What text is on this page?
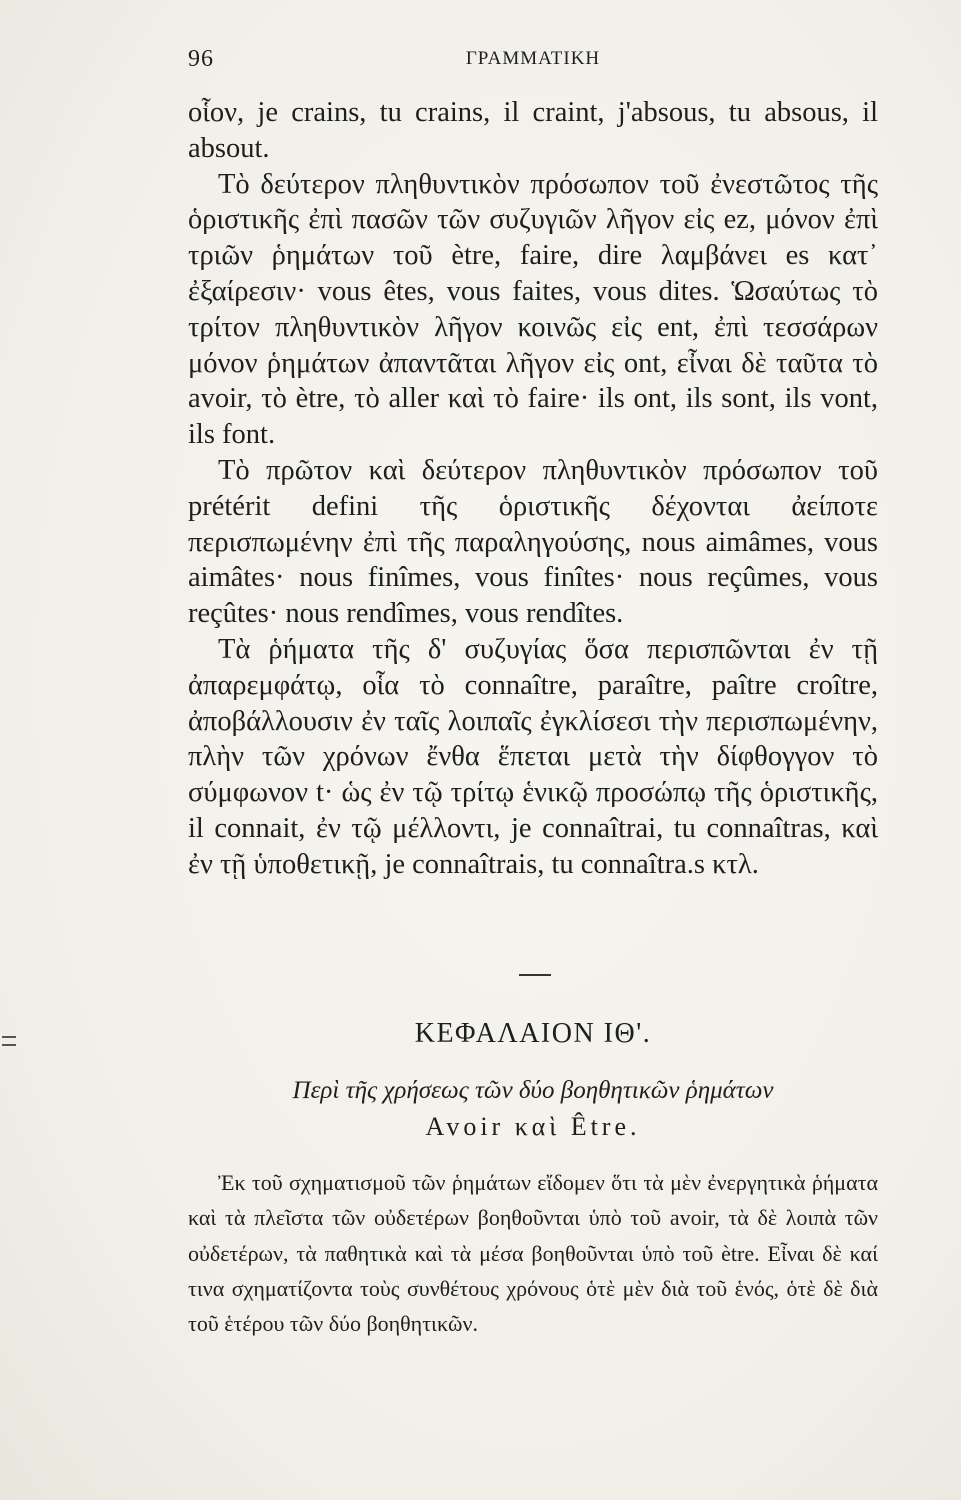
96	ΓΡΑΜΜΑΤΙΚΗ

οἷον, je crains, tu crains, il craint, j'absous, tu absous, il absout.

Τὸ δεύτερον πληθυντικὸν πρόσωπον τοῦ ἐνεστῶτος τῆς ὁριστικῆς ἐπὶ πασῶν τῶν συζυγιῶν λῆγον εἰς ez, μόνον ἐπὶ τριῶν ῥημάτων τοῦ ètre, faire, dire λαμβάνει es κατ᾽ ἐξαίρεσιν· vous êtes, vous faites, vous dites. Ὡσαύτως τὸ τρίτον πληθυντικὸν λῆγον κοινῶς εἰς ent, ἐπὶ τεσσάρων μόνον ῥημάτων ἀπαντᾶται λῆγον εἰς ont, εἶναι δὲ ταῦτα τὸ avoir, τὸ ètre, τὸ aller καὶ τὸ faire· ils ont, ils sont, ils vont, ils font.

Τὸ πρῶτον καὶ δεύτερον πληθυντικὸν πρόσωπον τοῦ prétérit defini τῆς ὁριστικῆς δέχονται ἀείποτε περισπωμένην ἐπὶ τῆς παραληγούσης, nous aimâmes, vous aimâtes· nous finîmes, vous finîtes· nous reçûmes, vous reçûtes· nous rendîmes, vous rendîtes.

Τὰ ῥήματα τῆς δ' συζυγίας ὅσα περισπῶνται ἐν τῇ ἀπαρεμφάτῳ, οἷα τὸ connaître, paraître, paître croître, ἀποβάλλουσιν ἐν ταῖς λοιπαῖς ἐγκλίσεσι τὴν περισπωμένην, πλὴν τῶν χρόνων ἔνθα ἕπεται μετὰ τὴν δίφθογγον τὸ σύμφωνον t· ὡς ἐν τῷ τρίτῳ ἑνικῷ προσώπῳ τῆς ὁριστικῆς, il connait, ἐν τῷ μέλλοντι, je connaîtrai, tu connaîtras, καὶ ἐν τῇ ὑποθετικῇ, je connaîtrais, tu connaîtra.s κτλ.

ΚΕΦΑΛΑΙΟΝ ΙΘ'.
Περὶ τῆς χρήσεως τῶν δύο βοηθητικῶν ῥημάτων
Avoir καὶ Être.

Ἐκ τοῦ σχηματισμοῦ τῶν ῥημάτων εἴδομεν ὅτι τὰ μὲν ἐνεργητικὰ ῥήματα καὶ τὰ πλεῖστα τῶν οὐδετέρων βοηθοῦνται ὑπὸ τοῦ avoir, τὰ δὲ λοιπὰ τῶν οὐδετέρων, τὰ παθητικὰ καὶ τὰ μέσα βοηθοῦνται ὑπὸ τοῦ ètre. Εἶναι δὲ καί τινα σχηματίζοντα τοὺς συνθέτους χρόνους ὁτὲ μὲν διὰ τοῦ ἑνός, ὁτὲ δὲ διὰ τοῦ ἑτέρου τῶν δύο βοηθητικῶν.
